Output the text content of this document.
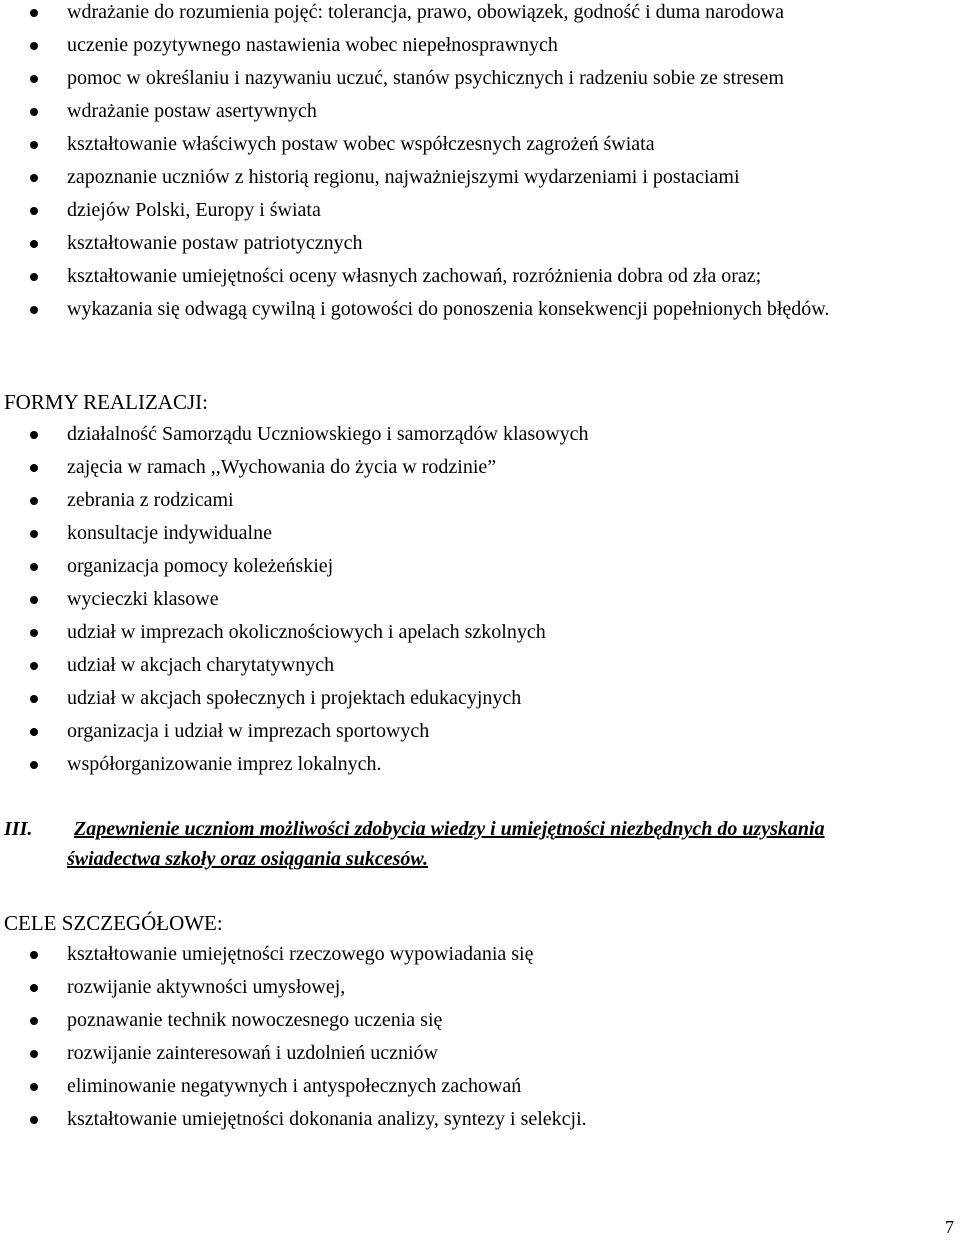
wdrażanie do rozumienia pojęć: tolerancja, prawo, obowiązek, godność i duma narodowa
uczenie pozytywnego nastawienia wobec niepełnosprawnych
pomoc w określaniu i nazywaniu uczuć, stanów psychicznych i radzeniu sobie ze stresem
wdrażanie postaw asertywnych
kształtowanie właściwych postaw wobec współczesnych zagrożeń świata
zapoznanie uczniów z historią regionu, najważniejszymi wydarzeniami i postaciami
dziejów Polski, Europy i świata
kształtowanie postaw patriotycznych
kształtowanie umiejętności oceny własnych zachowań, rozróżnienia dobra od zła oraz;
wykazania się odwagą cywilną i gotowości do ponoszenia konsekwencji popełnionych błędów.
FORMY REALIZACJI:
działalność Samorządu Uczniowskiego i samorządów klasowych
zajęcia w ramach ,,Wychowania do życia w rodzinie”
zebrania z rodzicami
konsultacje indywidualne
organizacja pomocy koleżeńskiej
wycieczki klasowe
udział w imprezach okolicznościowych i apelach szkolnych
udział w akcjach charytatywnych
udział w akcjach społecznych i projektach edukacyjnych
organizacja i udział w imprezach sportowych
współorganizowanie imprez lokalnych.
III.	Zapewnienie uczniom możliwości zdobycia wiedzy i umiejętności niezbędnych do uzyskania świadectwa szkoły oraz osiągania sukcesów.
CELE SZCZEGÓŁOWE:
kształtowanie umiejętności rzeczowego wypowiadania się
rozwijanie aktywności umysłowej,
poznawanie technik nowoczesnego uczenia się
rozwijanie zainteresowań i uzdolnień uczniów
eliminowanie negatywnych i antyspołecznych zachowań
kształtowanie umiejętności dokonania analizy, syntezy i selekcji.
7
